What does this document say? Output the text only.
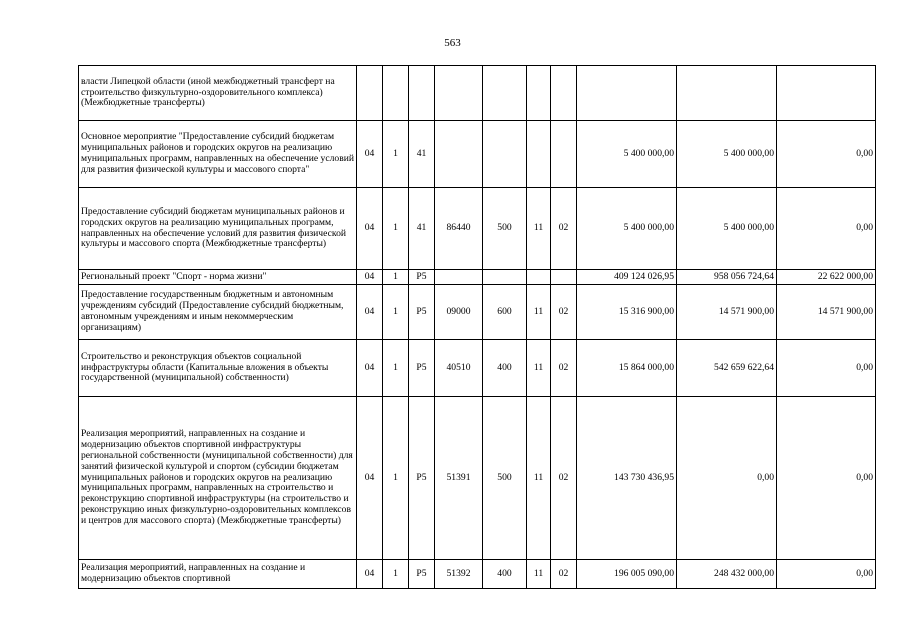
563
власти Липецкой области (иной межбюджетный трансферт на строительство физкультурно-оздоровительного комплекса) (Межбюджетные трансферты)										
Основное мероприятие "Предоставление субсидий бюджетам муниципальных районов и городских округов на реализацию муниципальных программ, направленных на обеспечение условий для развития физической культуры и массового спорта"	04	1	41					5 400 000,00	5 400 000,00	0,00
Предоставление субсидий бюджетам муниципальных районов и городских округов на реализацию муниципальных программ, направленных на обеспечение условий для развития физической культуры и массового спорта (Межбюджетные трансферты)	04	1	41	86440	500	11	02	5 400 000,00	5 400 000,00	0,00
Региональный проект "Спорт - норма жизни"	04	1	P5					409 124 026,95	958 056 724,64	22 622 000,00
Предоставление государственным бюджетным и автономным учреждениям субсидий (Предоставление субсидий бюджетным, автономным учреждениям и иным некоммерческим организациям)	04	1	P5	09000	600	11	02	15 316 900,00	14 571 900,00	14 571 900,00
Строительство и реконструкция объектов социальной инфраструктуры области (Капитальные вложения в объекты государственной (муниципальной) собственности)	04	1	P5	40510	400	11	02	15 864 000,00	542 659 622,64	0,00
Реализация мероприятий, направленных на создание и модернизацию объектов спортивной инфраструктуры региональной собственности (муниципальной собственности) для занятий физической культурой и спортом (субсидии бюджетам муниципальных районов и городских округов на реализацию муниципальных программ, направленных на строительство и реконструкцию спортивной инфраструктуры (на строительство и реконструкцию иных физкультурно-оздоровительных комплексов и центров для массового спорта) (Межбюджетные трансферты)	04	1	P5	51391	500	11	02	143 730 436,95	0,00	0,00
Реализация мероприятий, направленных на создание и модернизацию объектов спортивной	04	1	P5	51392	400	11	02	196 005 090,00	248 432 000,00	0,00
